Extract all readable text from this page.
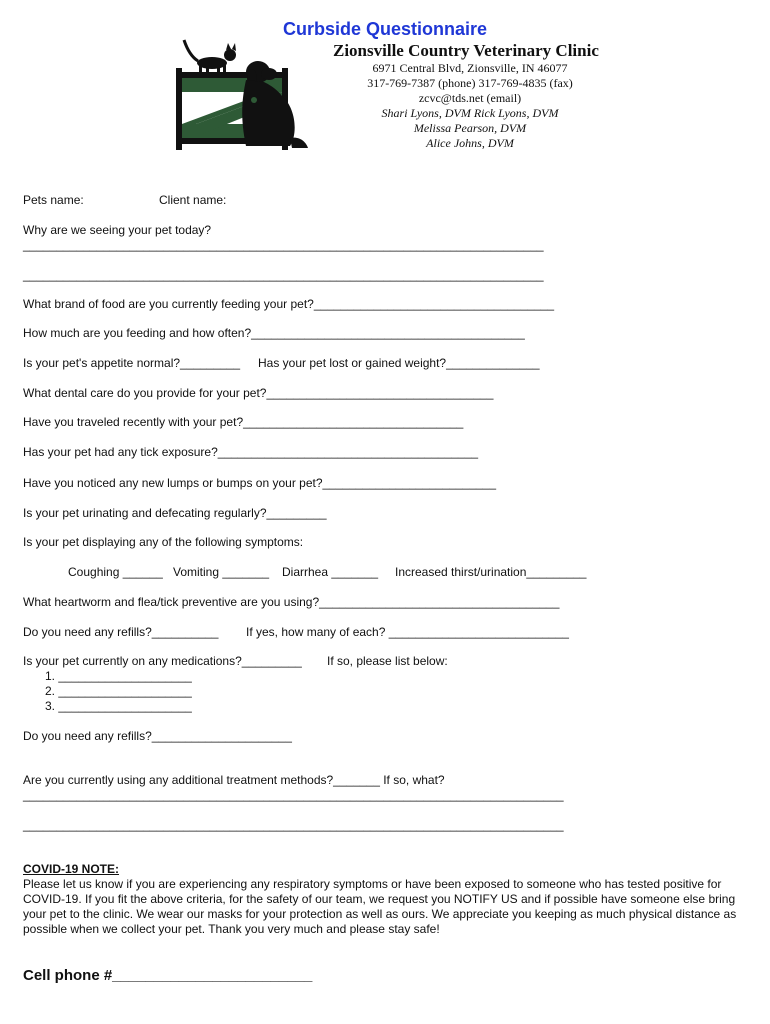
Curbside Questionnaire
Zionsville Country Veterinary Clinic
6971 Central Blvd, Zionsville, IN 46077
317-769-7387 (phone) 317-769-4835 (fax)
zcvc@tds.net (email)
Shari Lyons, DVM Rick Lyons, DVM
Melissa Pearson, DVM
Alice Johns, DVM
Pets name:	Client name:
Why are we seeing your pet today?
______________________________________________________________________________
______________________________________________________________________________
What brand of food are you currently feeding your pet?____________________________________
How much are you feeding and how often?_________________________________________
Is your pet's appetite normal?_________ Has your pet lost or gained weight?______________
What dental care do you provide for your pet?__________________________________
Have you traveled recently with your pet?_________________________________
Has your pet had any tick exposure?_______________________________________
Have you noticed any new lumps or bumps on your pet?__________________________
Is your pet urinating and defecating regularly?_________
Is your pet displaying any of the following symptoms:
Coughing ______ Vomiting _______ Diarrhea _______ Increased thirst/urination_________
What heartworm and flea/tick preventive are you using?____________________________________
Do you need any refills?__________ If yes, how many of each? ___________________________
Is your pet currently on any medications?_________ If so, please list below:
1. ____________________
2. ____________________
3. ____________________
Do you need any refills?_____________________
Are you currently using any additional treatment methods?_______ If so, what?
_________________________________________________________________________________
_________________________________________________________________________________
COVID-19 NOTE:
Please let us know if you are experiencing any respiratory symptoms or have been exposed to someone who has tested positive for COVID-19. If you fit the above criteria, for the safety of our team, we request you NOTIFY US and if possible have someone else bring your pet to the clinic. We wear our masks for your protection as well as ours. We appreciate you keeping as much physical distance as possible when we collect your pet. Thank you very much and please stay safe!
Cell phone #________________________
